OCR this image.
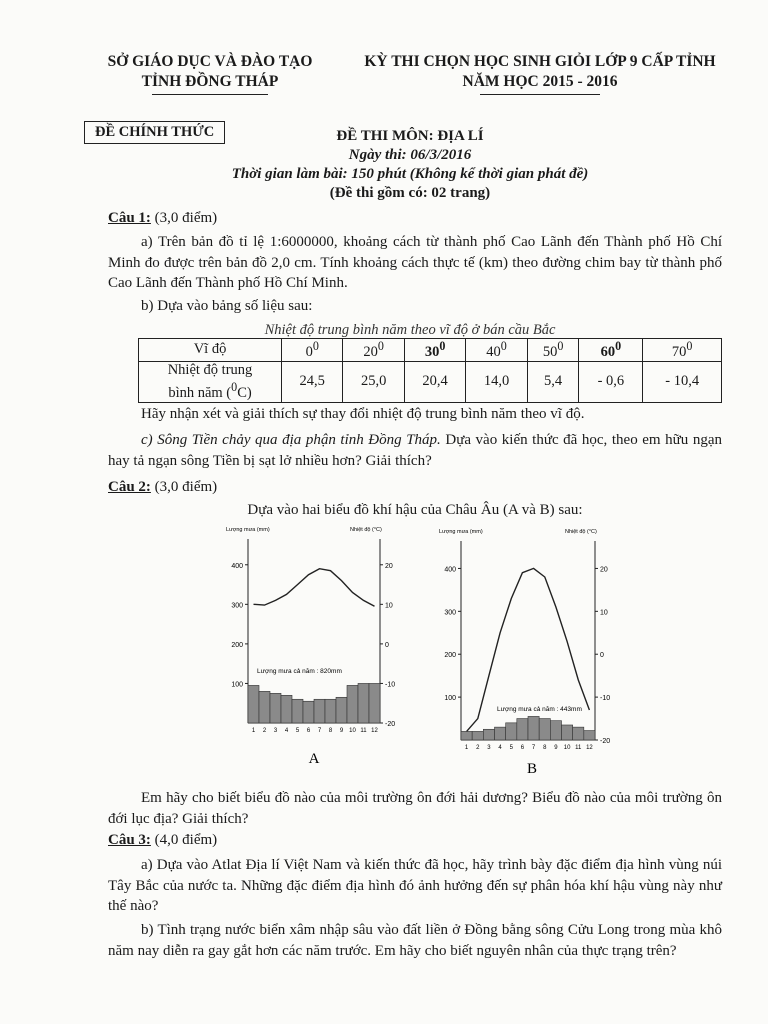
SỞ GIÁO DỤC VÀ ĐÀO TẠO
TỈNH ĐỒNG THÁP
KỲ THI CHỌN HỌC SINH GIỎI LỚP 9 CẤP TỈNH
NĂM HỌC 2015 - 2016
ĐỀ CHÍNH THỨC	ĐỀ THI MÔN: ĐỊA LÍ
Ngày thi: 06/3/2016
Thời gian làm bài: 150 phút (Không kể thời gian phát đề)
(Đề thi gồm có: 02 trang)
Câu 1: (3,0 điểm)
a) Trên bản đồ tỉ lệ 1:6000000, khoảng cách từ thành phố Cao Lãnh đến Thành phố Hồ Chí Minh đo được trên bản đồ 2,0 cm. Tính khoảng cách thực tế (km) theo đường chim bay từ thành phố Cao Lãnh đến Thành phố Hồ Chí Minh.
b) Dựa vào bảng số liệu sau:
Nhiệt độ trung bình năm theo vĩ độ ở bán cầu Bắc
Vĩ độ	$0^0$	$20^0$	$30^0$	$40^0$	$50^0$	$60^0$	$70^0$
Nhiệt độ trung
bình năm ($^0$C)	24,5	25,0	20,4	14,0	5,4	- 0,6	- 10,4
Hãy nhận xét và giải thích sự thay đổi nhiệt độ trung bình năm theo vĩ độ.
c) Sông Tiền chảy qua địa phận tỉnh Đồng Tháp. Dựa vào kiến thức đã học, theo em hữu ngạn hay tả ngạn sông Tiền bị sạt lở nhiều hơn? Giải thích?
Câu 2: (3,0 điểm)
Dựa vào hai biểu đồ khí hậu của Châu Âu (A và B) sau:
Lượng mưa (mm)	Nhiệt độ (°C)
400
300
200
100
20
10
0
-10
-20
1 2 3 4 5 6 7 8 9 10 11 12
Lượng mưa cả năm : 820mm
A
Lượng mưa (mm)	Nhiệt độ (°C)
400
300
200
100
20
10
0
-10
-20
1 2 3 4 5 6 7 8 9 10 11 12
Lượng mưa cả năm : 443mm
B
Em hãy cho biết biểu đồ nào của môi trường ôn đới hải dương? Biểu đồ nào của môi trường ôn đới lục địa? Giải thích?
Câu 3: (4,0 điểm)
a) Dựa vào Atlat Địa lí Việt Nam và kiến thức đã học, hãy trình bày đặc điểm địa hình vùng núi Tây Bắc của nước ta. Những đặc điểm địa hình đó ảnh hưởng đến sự phân hóa khí hậu vùng này như thế nào?
b) Tình trạng nước biển xâm nhập sâu vào đất liền ở Đồng bằng sông Cửu Long trong mùa khô năm nay diễn ra gay gắt hơn các năm trước. Em hãy cho biết nguyên nhân của thực trạng trên?
